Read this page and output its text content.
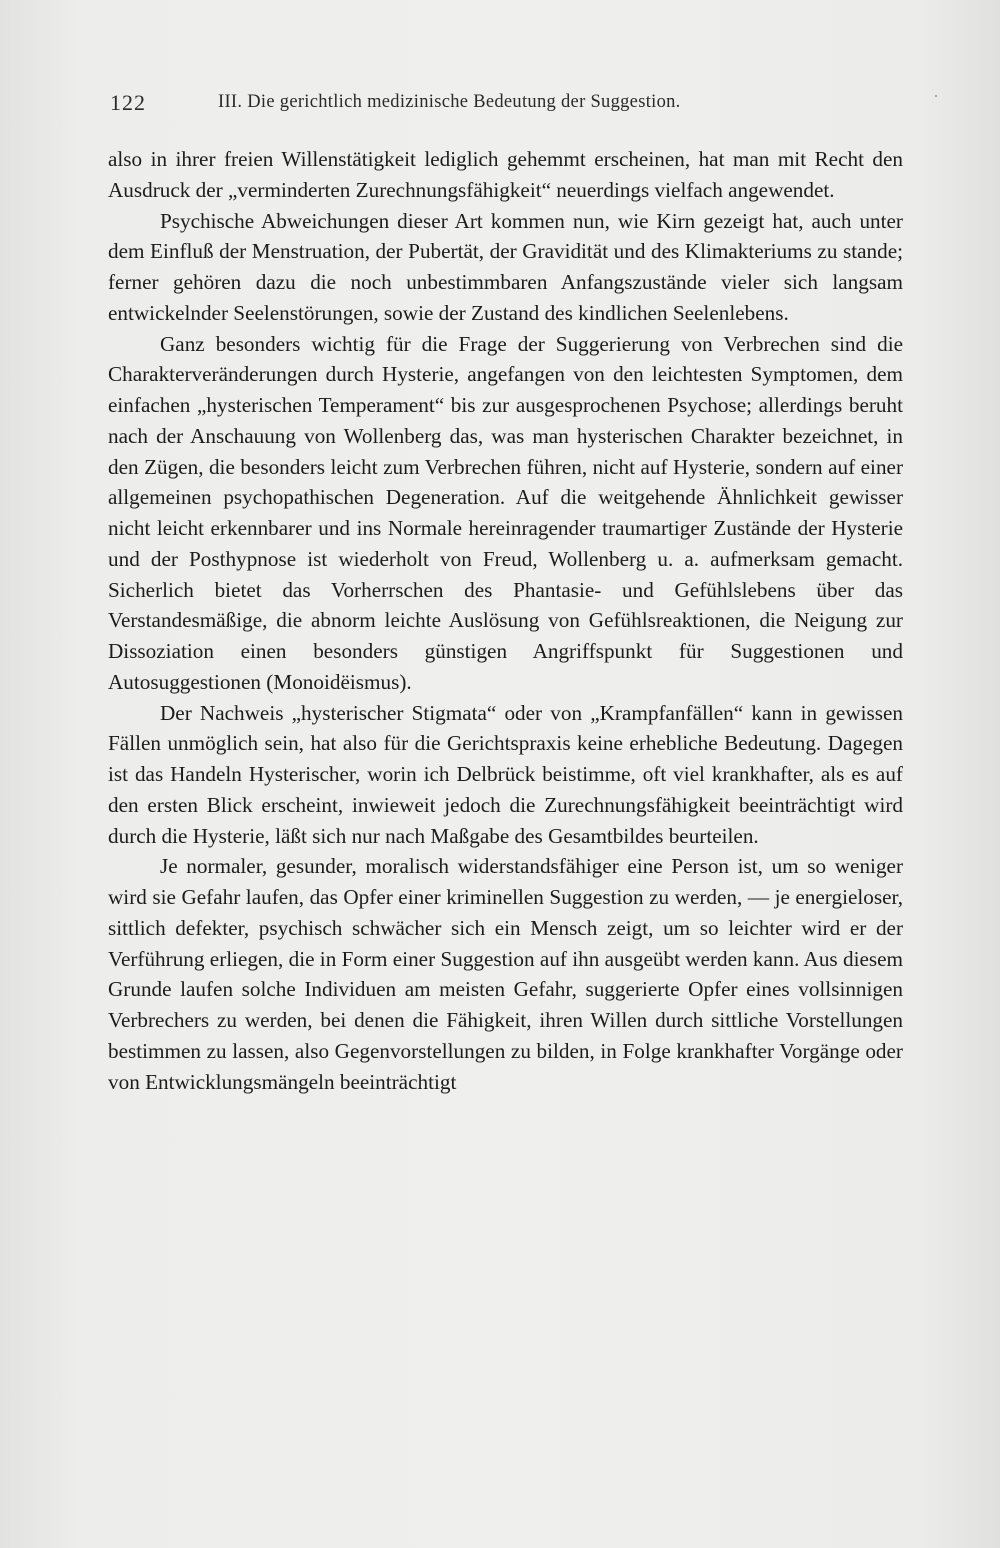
122	III. Die gerichtlich medizinische Bedeutung der Suggestion.

also in ihrer freien Willenstätigkeit lediglich gehemmt erscheinen, hat man mit Recht den Ausdruck der „verminderten Zurechnungsfähigkeit“ neuerdings vielfach angewendet.

Psychische Abweichungen dieser Art kommen nun, wie Kirn gezeigt hat, auch unter dem Einfluß der Menstruation, der Pubertät, der Gravidität und des Klimakteriums zu stande; ferner gehören dazu die noch unbestimmbaren Anfangszustände vieler sich langsam entwickelnder Seelenstörungen, sowie der Zustand des kindlichen Seelenlebens.

Ganz besonders wichtig für die Frage der Suggerierung von Verbrechen sind die Charakterveränderungen durch Hysterie, angefangen von den leichtesten Symptomen, dem einfachen „hysterischen Temperament“ bis zur ausgesprochenen Psychose; allerdings beruht nach der Anschauung von Wollenberg das, was man hysterischen Charakter bezeichnet, in den Zügen, die besonders leicht zum Verbrechen führen, nicht auf Hysterie, sondern auf einer allgemeinen psychopathischen Degeneration. Auf die weitgehende Ähnlichkeit gewisser nicht leicht erkennbarer und ins Normale hereinragender traumartiger Zustände der Hysterie und der Posthypnose ist wiederholt von Freud, Wollenberg u. a. aufmerksam gemacht. Sicherlich bietet das Vorherrschen des Phantasie- und Gefühlslebens über das Verstandesmäßige, die abnorm leichte Auslösung von Gefühlsreaktionen, die Neigung zur Dissoziation einen besonders günstigen Angriffspunkt für Suggestionen und Autosuggestionen (Monoidëismus).

Der Nachweis „hysterischer Stigmata“ oder von „Krampfanfällen“ kann in gewissen Fällen unmöglich sein, hat also für die Gerichtspraxis keine erhebliche Bedeutung. Dagegen ist das Handeln Hysterischer, worin ich Delbrück beistimme, oft viel krankhafter, als es auf den ersten Blick erscheint, inwieweit jedoch die Zurechnungsfähigkeit beeinträchtigt wird durch die Hysterie, läßt sich nur nach Maßgabe des Gesamtbildes beurteilen.

Je normaler, gesunder, moralisch widerstandsfähiger eine Person ist, um so weniger wird sie Gefahr laufen, das Opfer einer kriminellen Suggestion zu werden, — je energieloser, sittlich defekter, psychisch schwächer sich ein Mensch zeigt, um so leichter wird er der Verführung erliegen, die in Form einer Suggestion auf ihn ausgeübt werden kann. Aus diesem Grunde laufen solche Individuen am meisten Gefahr, suggerierte Opfer eines vollsinnigen Verbrechers zu werden, bei denen die Fähigkeit, ihren Willen durch sittliche Vorstellungen bestimmen zu lassen, also Gegenvorstellungen zu bilden, in Folge krankhafter Vorgänge oder von Entwicklungsmängeln beeinträchtigt
